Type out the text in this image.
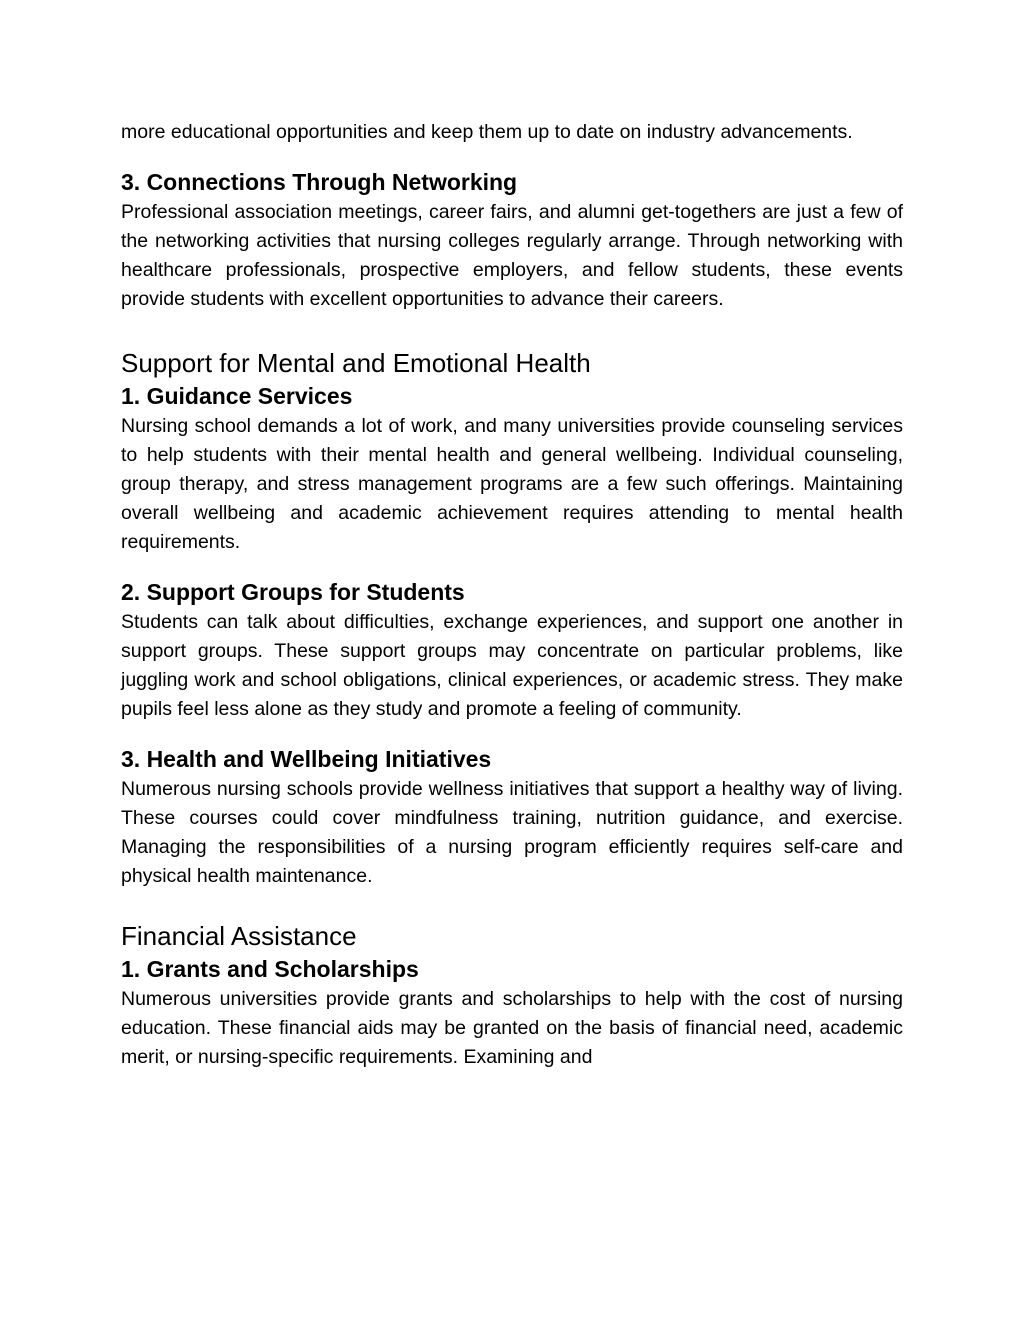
more educational opportunities and keep them up to date on industry advancements.

3. Connections Through Networking

Professional association meetings, career fairs, and alumni get-togethers are just a few of the networking activities that nursing colleges regularly arrange. Through networking with healthcare professionals, prospective employers, and fellow students, these events provide students with excellent opportunities to advance their careers.

Support for Mental and Emotional Health
1. Guidance Services

Nursing school demands a lot of work, and many universities provide counseling services to help students with their mental health and general wellbeing. Individual counseling, group therapy, and stress management programs are a few such offerings. Maintaining overall wellbeing and academic achievement requires attending to mental health requirements.

2. Support Groups for Students

Students can talk about difficulties, exchange experiences, and support one another in support groups. These support groups may concentrate on particular problems, like juggling work and school obligations, clinical experiences, or academic stress. They make pupils feel less alone as they study and promote a feeling of community.

3. Health and Wellbeing Initiatives

Numerous nursing schools provide wellness initiatives that support a healthy way of living. These courses could cover mindfulness training, nutrition guidance, and exercise. Managing the responsibilities of a nursing program efficiently requires self-care and physical health maintenance.

Financial Assistance
1. Grants and Scholarships

Numerous universities provide grants and scholarships to help with the cost of nursing education. These financial aids may be granted on the basis of financial need, academic merit, or nursing-specific requirements. Examining and
